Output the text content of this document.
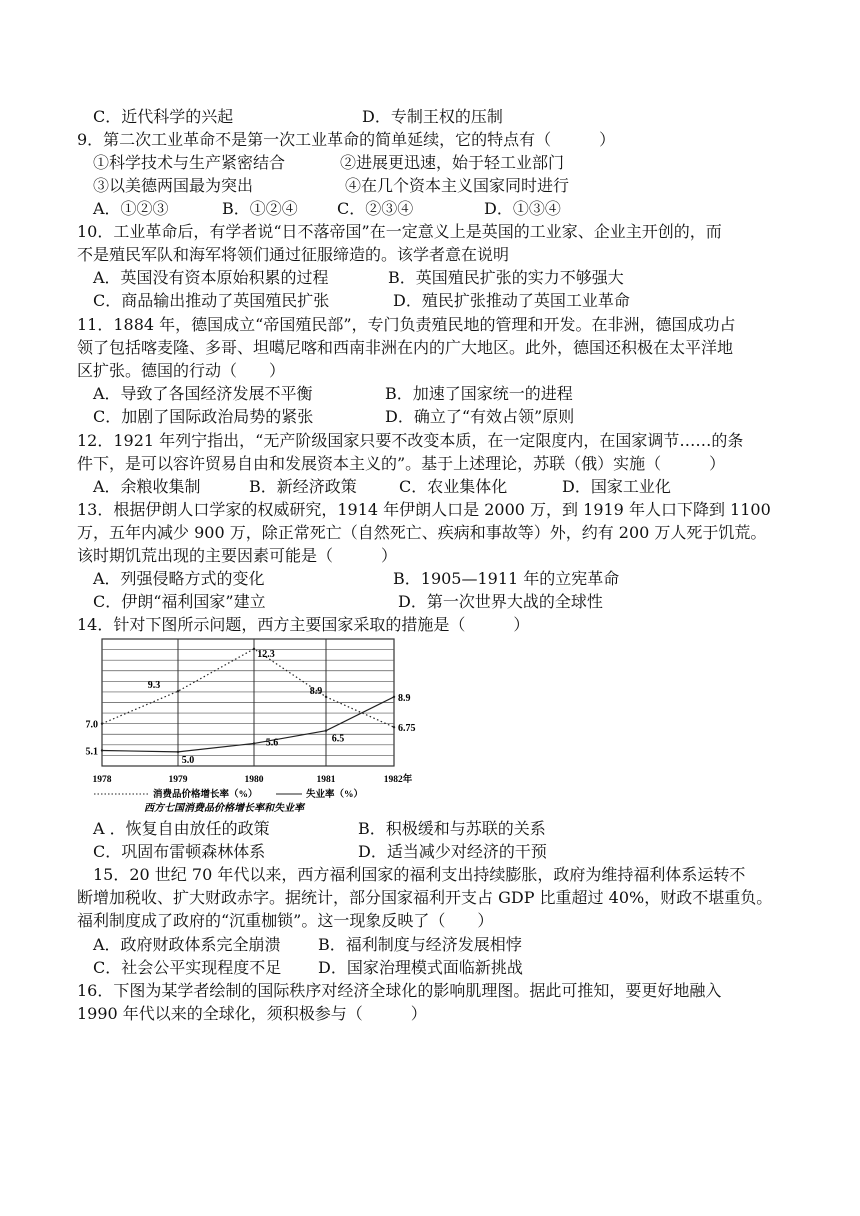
C．近代科学的兴起	D．专制王权的压制
9．第二次工业革命不是第一次工业革命的简单延续，它的特点有（　　　）
①科学技术与生产紧密结合	②进展更迅速，始于轻工业部门
③以美德两国最为突出	④在几个资本主义国家同时进行
A．①②③	B．①②④ C．②③④	D．①③④
10．工业革命后，有学者说“日不落帝国”在一定意义上是英国的工业家、企业主开创的，而
不是殖民军队和海军将领们通过征服缔造的。该学者意在说明
A．英国没有资本原始积累的过程	B．英国殖民扩张的实力不够强大
C．商品输出推动了英国殖民扩张	D．殖民扩张推动了英国工业革命
11．1884 年，德国成立“帝国殖民部”，专门负责殖民地的管理和开发。在非洲，德国成功占
领了包括喀麦隆、多哥、坦噶尼喀和西南非洲在内的广大地区。此外，德国还积极在太平洋地
区扩张。德国的行动（　　）
A．导致了各国经济发展不平衡	B．加速了国家统一的进程
C．加剧了国际政治局势的紧张	D．确立了“有效占领”原则
12．1921 年列宁指出，“无产阶级国家只要不改变本质，在一定限度内，在国家调节……的条
件下，是可以容许贸易自由和发展资本主义的”。基于上述理论，苏联（俄）实施（　　　）
A．余粮收集制	B．新经济政策	C．农业集体化	D．国家工业化
13．根据伊朗人口学家的权威研究，1914 年伊朗人口是 2000 万，到 1919 年人口下降到 1100
万，五年内减少 900 万，除正常死亡（自然死亡、疾病和事故等）外，约有 200 万人死于饥荒。
该时期饥荒出现的主要因素可能是（　　　）
A．列强侵略方式的变化	B．1905—1911 年的立宪革命
C．伊朗“福利国家”建立	D．第一次世界大战的全球性
14．针对下图所示问题，西方主要国家采取的措施是（　　　）
1978	1979	1980	1981	1982年
7.0
9.3
12.3
8.9
6.75
5.1
5.0
5.6	6.5
8.9
消费品价格增长率（%）	失业率（%）
西方七国消费品价格增长率和失业率
A ．恢复自由放任的政策	B．积极缓和与苏联的关系
C．巩固布雷顿森林体系	D．适当减少对经济的干预
15．20 世纪 70 年代以来，西方福利国家的福利支出持续膨胀，政府为维持福利体系运转不
断增加税收、扩大财政赤字。据统计，部分国家福利开支占 GDP 比重超过 40%，财政不堪重负。
福利制度成了政府的“沉重枷锁”。这一现象反映了（　　）
A．政府财政体系完全崩溃 B．福利制度与经济发展相悖
C．社会公平实现程度不足 D．国家治理模式面临新挑战
16．下图为某学者绘制的国际秩序对经济全球化的影响肌理图。据此可推知，要更好地融入
1990 年代以来的全球化，须积极参与（　　　）
